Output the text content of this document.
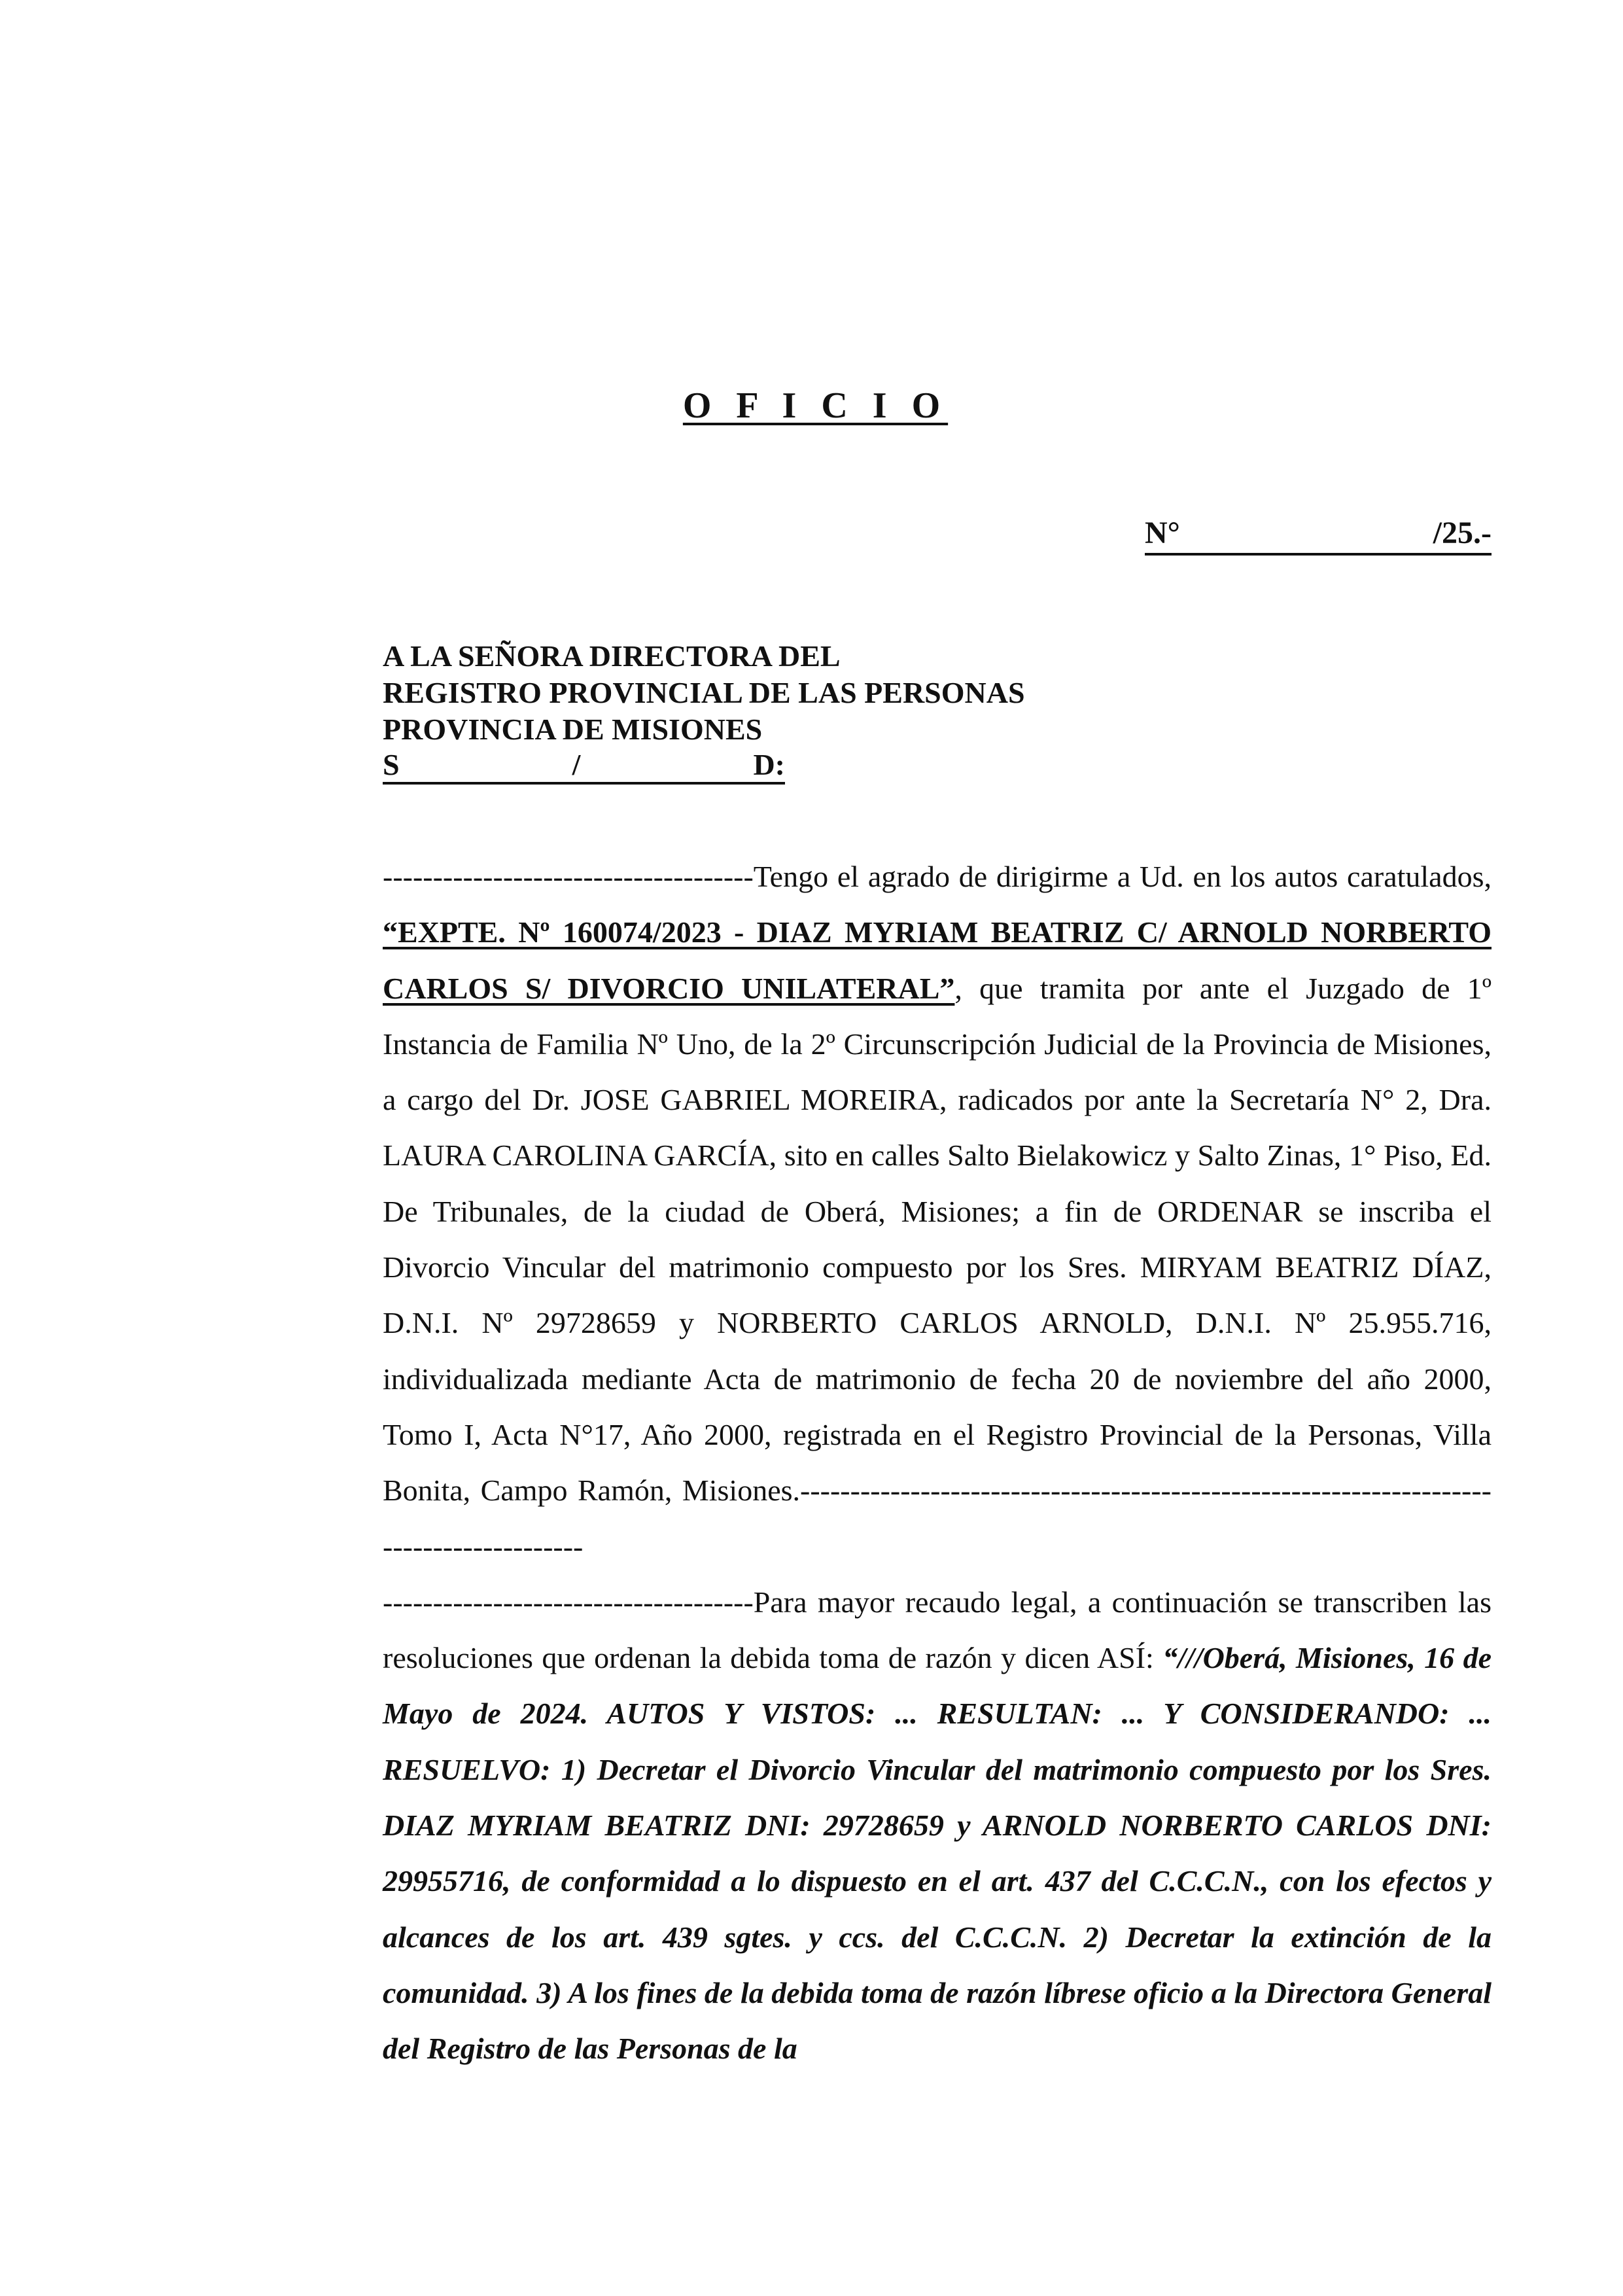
O F I C I O
N°	/25.-
A LA SEÑORA DIRECTORA DEL
REGISTRO PROVINCIAL DE LAS PERSONAS
PROVINCIA DE MISIONES
S	/	D:

-------------------------------------Tengo el agrado de dirigirme a Ud. en los autos caratulados, “EXPTE. Nº 160074/2023 - DIAZ MYRIAM BEATRIZ C/ ARNOLD NORBERTO CARLOS S/ DIVORCIO UNILATERAL”, que tramita por ante el Juzgado de 1º Instancia de Familia Nº Uno, de la 2º Circunscripción Judicial de la Provincia de Misiones, a cargo del Dr. JOSE GABRIEL MOREIRA, radicados por ante la Secretaría N° 2, Dra. LAURA CAROLINA GARCÍA, sito en calles Salto Bielakowicz y Salto Zinas, 1° Piso, Ed. De Tribunales, de la ciudad de Oberá, Misiones; a fin de ORDENAR se inscriba el Divorcio Vincular del matrimonio compuesto por los Sres. MIRYAM BEATRIZ DÍAZ, D.N.I. Nº 29728659 y NORBERTO CARLOS ARNOLD, D.N.I. Nº 25.955.716, individualizada mediante Acta de matrimonio de fecha 20 de noviembre del año 2000, Tomo I, Acta N°17, Año 2000, registrada en el Registro Provincial de la Personas, Villa Bonita, Campo Ramón, Misiones.-----------------------------------------------------------------------------------------

-------------------------------------Para mayor recaudo legal, a continuación se transcriben las resoluciones que ordenan la debida toma de razón y dicen ASÍ: “///Oberá, Misiones, 16 de Mayo de 2024. AUTOS Y VISTOS: ... RESULTAN: ... Y CONSIDERANDO: ... RESUELVO: 1) Decretar el Divorcio Vincular del matrimonio compuesto por los Sres. DIAZ MYRIAM BEATRIZ DNI: 29728659 y ARNOLD NORBERTO CARLOS DNI: 29955716, de conformidad a lo dispuesto en el art. 437 del C.C.C.N., con los efectos y alcances de los art. 439 sgtes. y ccs. del C.C.C.N. 2) Decretar la extinción de la comunidad. 3) A los fines de la debida toma de razón líbrese oficio a la Directora General del Registro de las Personas de la
